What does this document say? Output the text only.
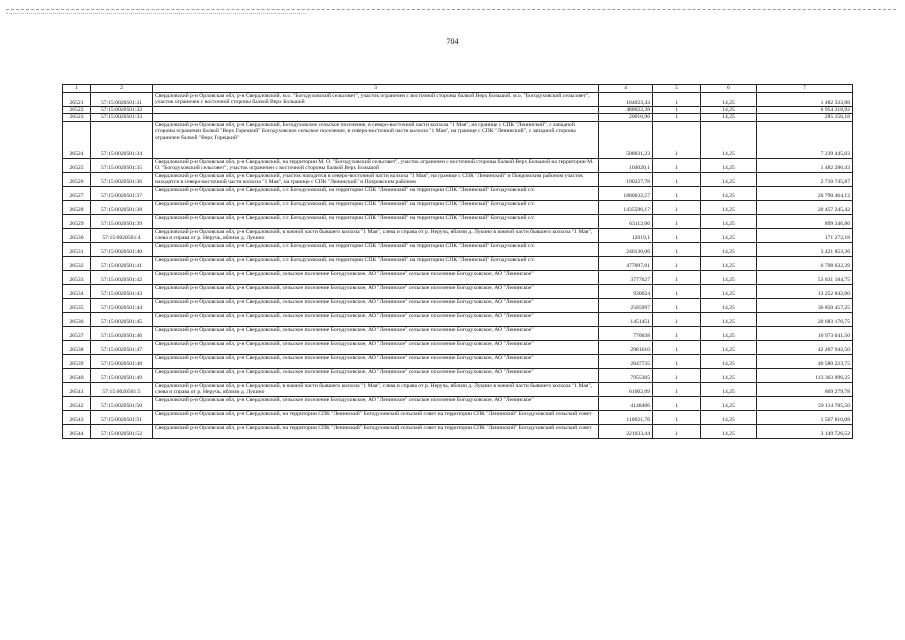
704
1	2	3	4	5	6	7
26521	57:15:0020501:31	Свердловский р-н Орловская обл, р-н Свердловский, м.о. "Богодуховский сельсовет", участок ограничен с восточной стороны балкой Верх Большой. м.о. "Богодуховский сельсовет", участок ограничен с восточной стороны балкой Верх Большой	104023,43	1	14,25	1 482 333,88
26522	57:15:0020501:32		488022,38	1	14,25	6 954 318,92
26523	57:15:0020501:33		20010,96	1	14,25	285 156,18
26524	57:15:0020501:34	Свердловский р-н Орловская обл, р-н Свердловский, Богодуховское сельское поселение, в северо-восточной части колхоза "1 Мая", на границе с СПК "Ленинский", с западной стороны ограничен балкой "Верх Горецкий" Богодуховское сельское поселение, в северо-восточной части колхоза "1 Мая", на границе с СПК "Ленинский", с западной стороны ограничен балкой "Верх Горецкий"	508031,23	1	14,25	7 239 445,03
26525	57:15:0020501:35	Свердловский р-н Орловская обл, р-н Свердловский, на территории М. О. "Богодуховский сельсовет", участок ограничен с восточной стороны балкой Верх Большой на территории М. О. "Богодуховский сельсовет", участок ограничен с восточной стороны балкой Верх Большой	104020,1	1	14,25	1 482 286,43
26526	57:15:0020501:36	Свердловский р-н Орловская обл, р-н Свердловский, участок находится в северо-восточной части колхоза "1 Мая", на границе с СПК "Ленинский" и Покровским районом участок находится в северо-восточной части колхоза "1 Мая", на границе с СПК "Ленинский" и Покровским районом	190227,78	1	14,25	2 710 745,87
26527	57:15:0020501:37	Свердловский р-н Орловская обл, р-н Свердловский, с/с Богодуховский, на территории СПК "Ленинский" на территории СПК "Ленинский" Богодуховский с/с	1880032,57	1	14,25	26 790 464,12
26528	57:15:0020501:38	Свердловский р-н Орловская обл, р-н Свердловский, с/с Богодуховский, на территории СПК "Ленинский" на территории СПК "Ленинский" Богодуховский с/с	1435596,17	1	14,25	20 457 245,42
26529	57:15:0020501:39	Свердловский р-н Орловская обл, р-н Свердловский, с/с Богодуховский, на территории СПК "Ленинский" на территории СПК "Ленинский" Богодуховский с/с	63112,06	1	14,25	899 346,86
26530	57:15:0020501:4	Свердловский р-н Орловская обл, р-н Свердловский, в южной части бывшего колхоза "1 Мая", слева и справа от р. Неручь, вблизи д. Лукино в южной части бывшего колхоза "1 Мая", слева и справа от р. Неручь, вблизи д. Лукино	12019,1	1	14,25	171 272,18
26531	57:15:0020501:40	Свердловский р-н Орловская обл, р-н Свердловский, с/с Богодуховский, на территории СПК "Ленинский" на территории СПК "Ленинский" Богодуховский с/с	240130,06	1	14,25	3 421 853,36
26532	57:15:0020501:41	Свердловский р-н Орловская обл, р-н Свердловский, с/с Богодуховский, на территории СПК "Ленинский" на территории СПК "Ленинский" Богодуховский с/с	477097,01	1	14,25	6 798 632,39
26533	57:15:0020501:42	Свердловский р-н Орловская обл, р-н Свердловский, сельское поселение Богодуховское, АО "Ленинское" сельское поселение Богодуховское, АО "Ленинское"	3777627	1	14,25	53 831 184,75
26534	57:15:0020501:43	Свердловский р-н Орловская обл, р-н Свердловский, сельское поселение Богодуховское, АО "Ленинское" сельское поселение Богодуховское, АО "Ленинское"	930024	1	14,25	13 252 842,00
26535	57:15:0020501:44	Свердловский р-н Орловская обл, р-н Свердловский, сельское поселение Богодуховское, АО "Ленинское" сельское поселение Богодуховское, АО "Ленинское"	2585997	1	14,25	36 850 457,25
26536	57:15:0020501:45	Свердловский р-н Орловская обл, р-н Свердловский, сельское поселение Богодуховское, АО "Ленинское" сельское поселение Богодуховское, АО "Ленинское"	1451451	1	14,25	20 683 176,75
26537	57:15:0020501:46	Свердловский р-н Орловская обл, р-н Свердловский, сельское поселение Богодуховское, АО "Ленинское" сельское поселение Богодуховское, АО "Ленинское"	770038	1	14,25	10 973 041,50
26538	57:15:0020501:47	Свердловский р-н Орловская обл, р-н Свердловский, сельское поселение Богодуховское, АО "Ленинское" сельское поселение Богодуховское, АО "Ленинское"	2981610	1	14,25	42 487 942,50
26539	57:15:0020501:48	Свердловский р-н Орловская обл, р-н Свердловский, сельское поселение Богодуховское, АО "Ленинское" сельское поселение Богодуховское, АО "Ленинское"	2847735	1	14,25	40 580 223,75
26540	57:15:0020501:49	Свердловский р-н Орловская обл, р-н Свердловский, сельское поселение Богодуховское, АО "Ленинское" сельское поселение Богодуховское, АО "Ленинское"	7955305	1	14,25	113 363 096,25
26541	57:15:0020501:5	Свердловский р-н Орловская обл, р-н Свердловский, в южной части бывшего колхоза "1 Мая", слева и справа от р. Неручь, вблизи д. Лукино в южной части бывшего колхоза "1 Мая", слева и справа от р. Неручь, вблизи д. Лукино	61002,09	1	14,25	869 279,78
26542	57:15:0020501:50	Свердловский р-н Орловская обл, р-н Свердловский, сельское поселение Богодуховское, АО "Ленинское" сельское поселение Богодуховское, АО "Ленинское"	4148406	1	14,25	59 114 785,50
26543	57:15:0020501:51	Свердловский р-н Орловская обл, р-н Свердловский, на территории СПК "Ленинский" Богодуховский сельский совет на территории СПК "Ленинский" Богодуховский сельский совет	110021,76	1	14,25	1 567 810,08
26544	57:15:0020501:52	Свердловский р-н Орловская обл, р-н Свердловский, на территории СПК "Ленинский" Богодуховский сельский совет на территории СПК "Ленинский" Богодуховский сельский совет	221033,44	1	14,25	3 149 726,52
